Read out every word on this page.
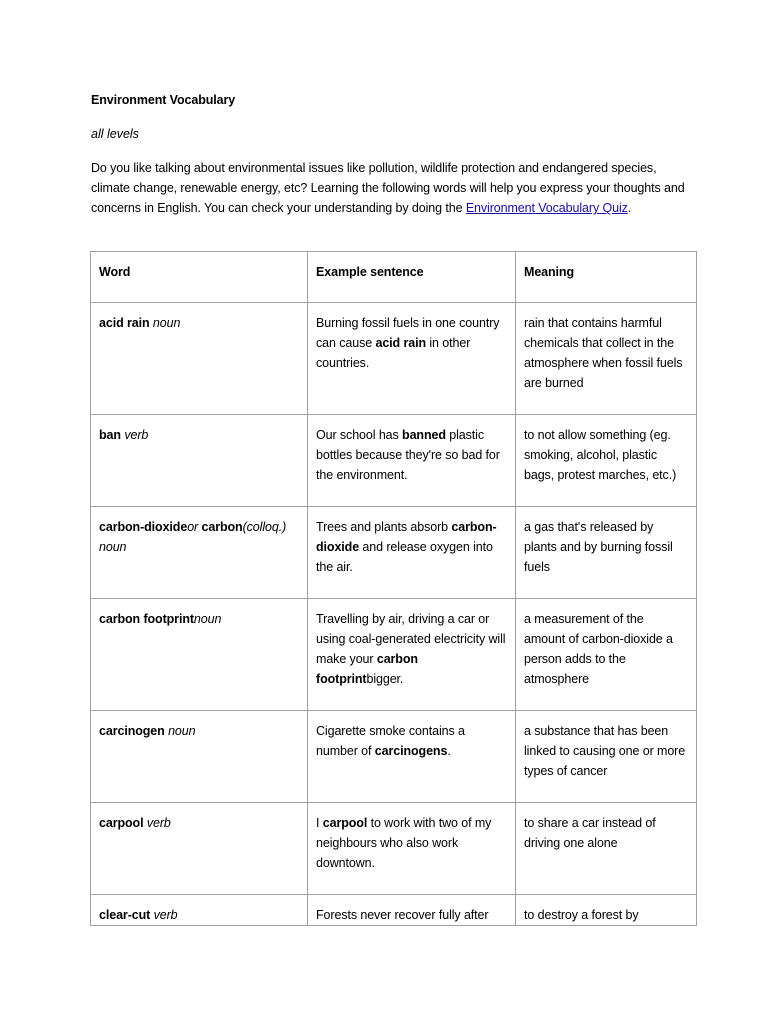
Environment Vocabulary
all levels
Do you like talking about environmental issues like pollution, wildlife protection and endangered species, climate change, renewable energy, etc? Learning the following words will help you express your thoughts and concerns in English. You can check your understanding by doing the Environment Vocabulary Quiz.
Word	Example sentence	Meaning
acid rain noun	Burning fossil fuels in one country can cause acid rain in other countries.	rain that contains harmful chemicals that collect in the atmosphere when fossil fuels are burned
ban verb	Our school has banned plastic bottles because they're so bad for the environment.	to not allow something (eg. smoking, alcohol, plastic bags, protest marches, etc.)
carbon-dioxideor carbon(colloq.) noun	Trees and plants absorb carbon-dioxide and release oxygen into the air.	a gas that's released by plants and by burning fossil fuels
carbon footprintnoun	Travelling by air, driving a car or using coal-generated electricity will make your carbon footprintbigger.	a measurement of the amount of carbon-dioxide a person adds to the atmosphere
carcinogen noun	Cigarette smoke contains a number of carcinogens.	a substance that has been linked to causing one or more types of cancer
carpool verb	I carpool to work with two of my neighbours who also work downtown.	to share a car instead of driving one alone
clear-cut verb	Forests never recover fully after	to destroy a forest by
